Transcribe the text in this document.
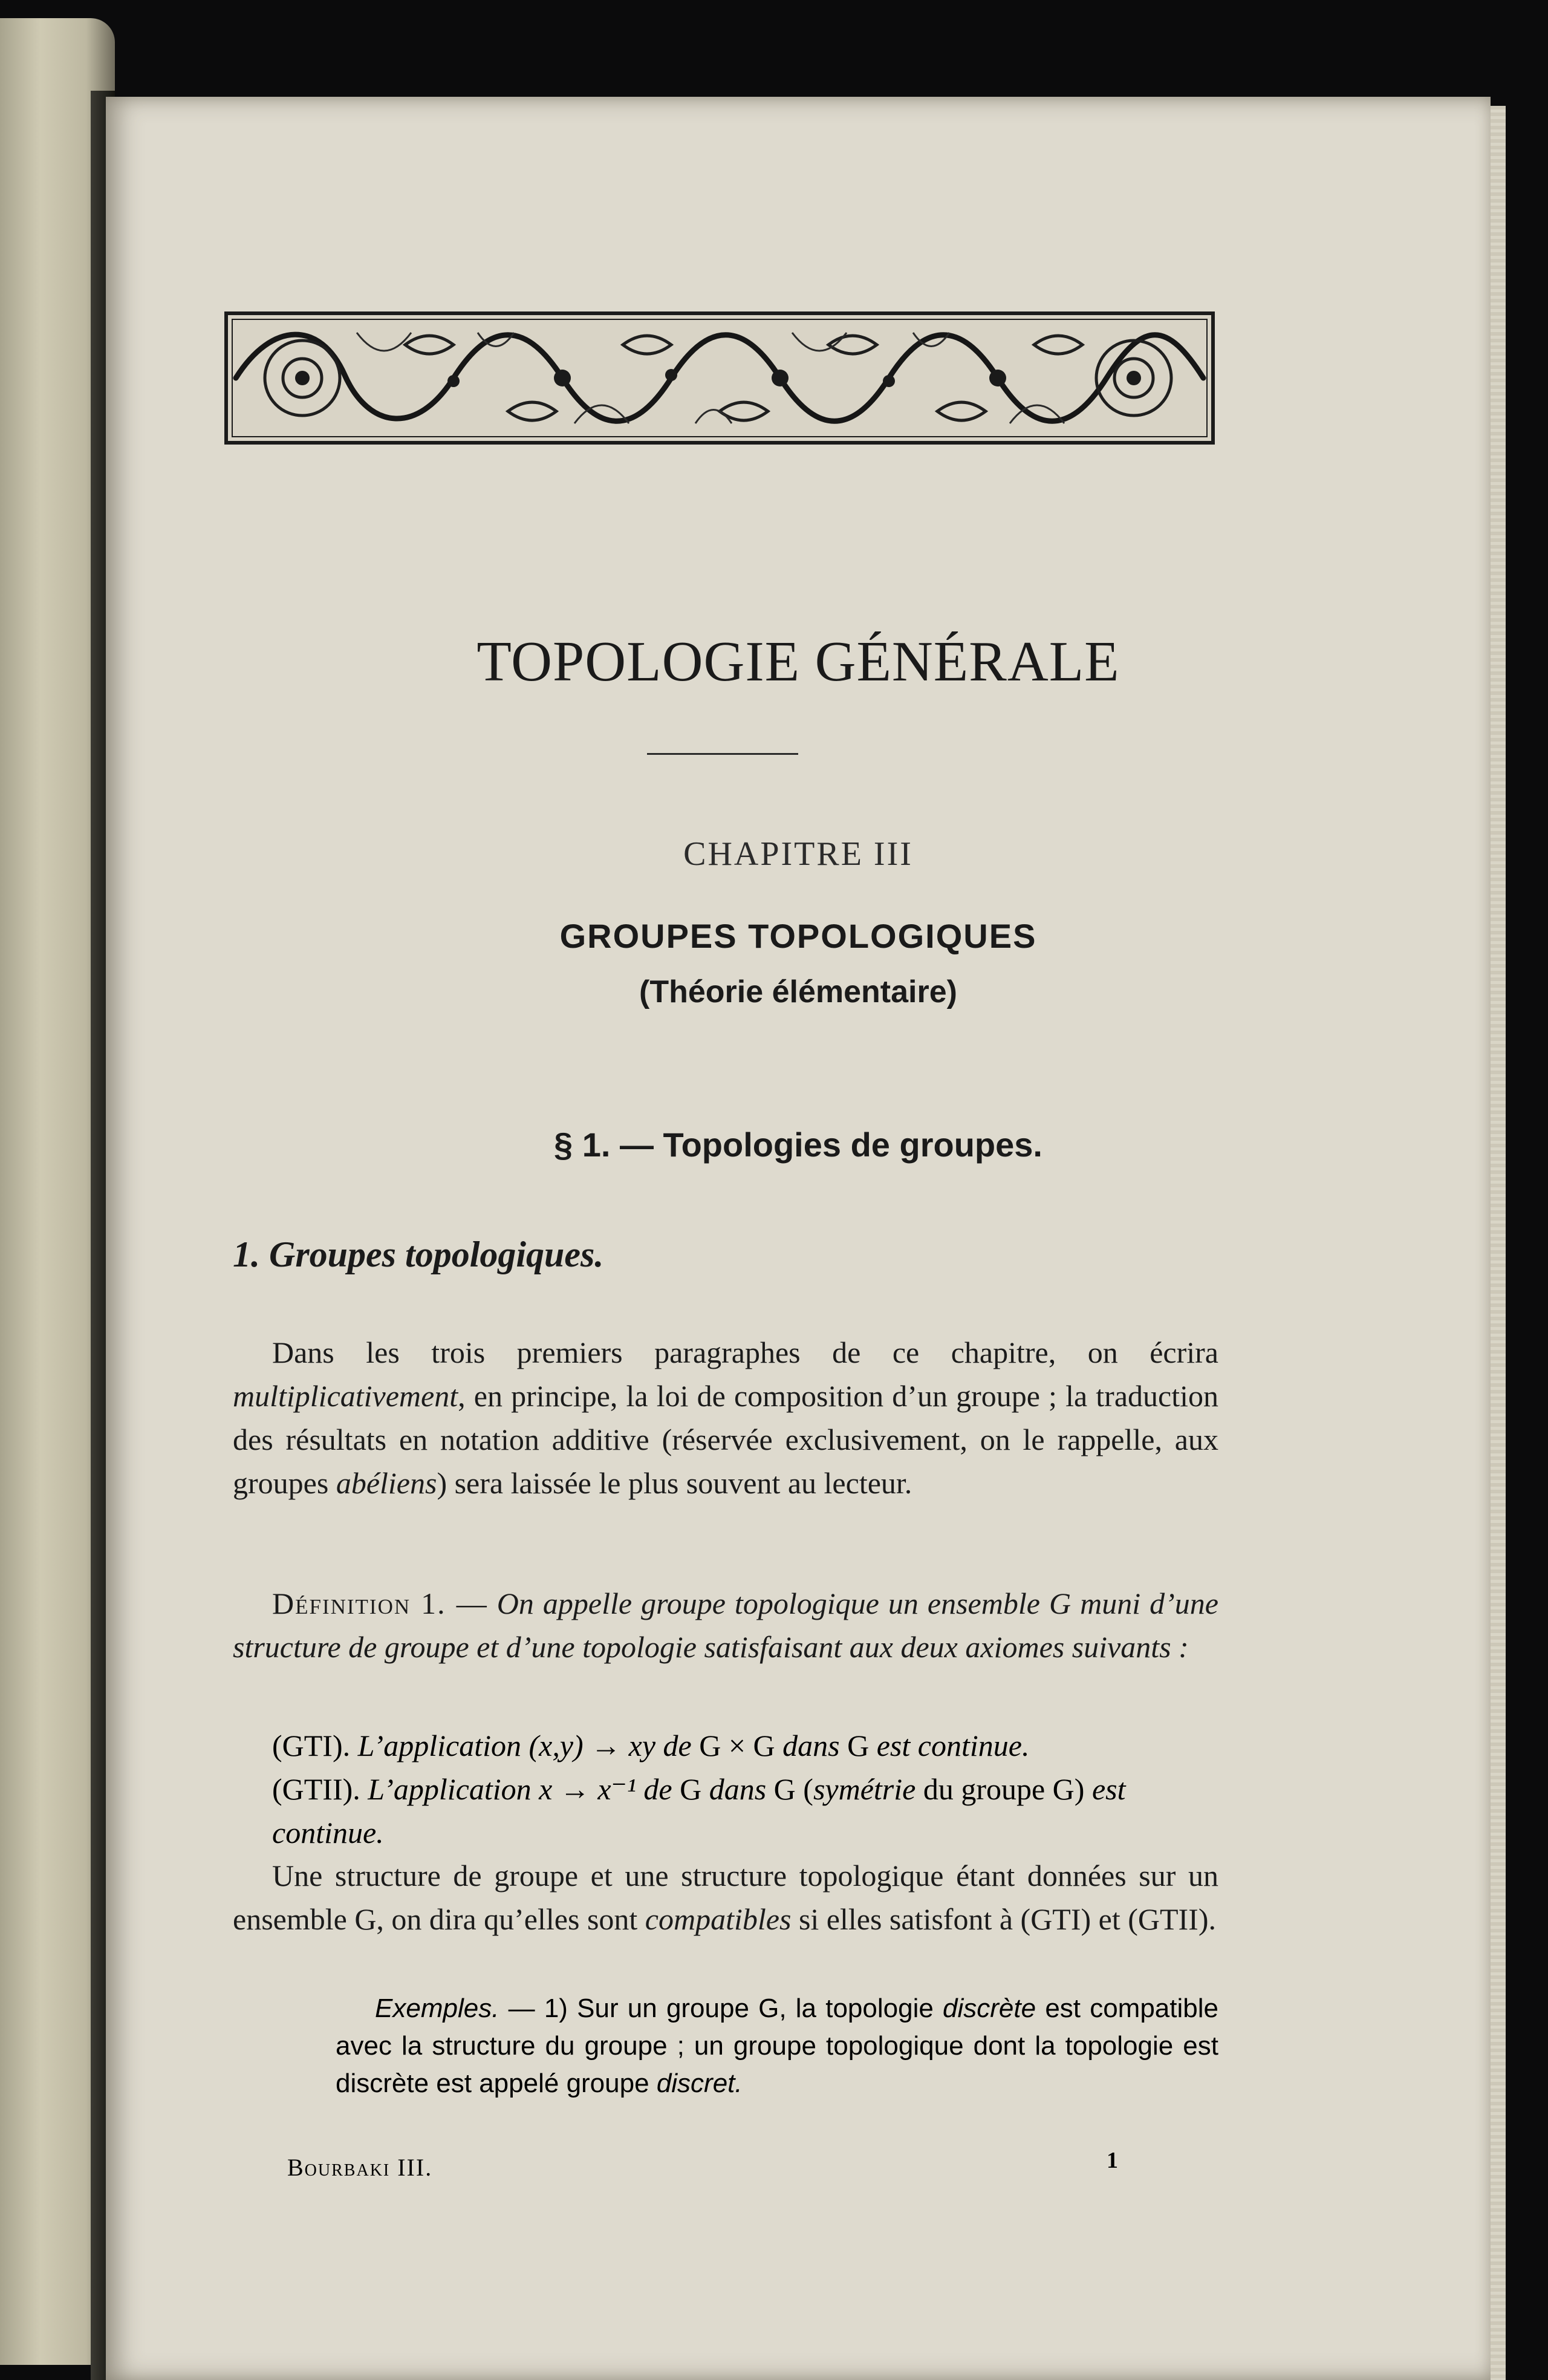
TOPOLOGIE GÉNÉRALE
CHAPITRE III
GROUPES TOPOLOGIQUES
(Théorie élémentaire)
§ 1. — Topologies de groupes.
1. Groupes topologiques.
Dans les trois premiers paragraphes de ce chapitre, on écrira multiplicativement, en principe, la loi de composition d’un groupe ; la traduction des résultats en notation additive (réservée exclusivement, on le rappelle, aux groupes abéliens) sera laissée le plus souvent au lecteur.
Définition 1. — On appelle groupe topologique un ensemble G muni d’une structure de groupe et d’une topologie satisfaisant aux deux axiomes suivants :
(GTI). L’application (x,y) → xy de G × G dans G est continue.
(GTII). L’application x → x⁻¹ de G dans G (symétrie du groupe G) est continue.
Une structure de groupe et une structure topologique étant données sur un ensemble G, on dira qu’elles sont compatibles si elles satisfont à (GTI) et (GTII).
Exemples. — 1) Sur un groupe G, la topologie discrète est compatible avec la structure du groupe ; un groupe topologique dont la topologie est discrète est appelé groupe discret.
Bourbaki III.	1
